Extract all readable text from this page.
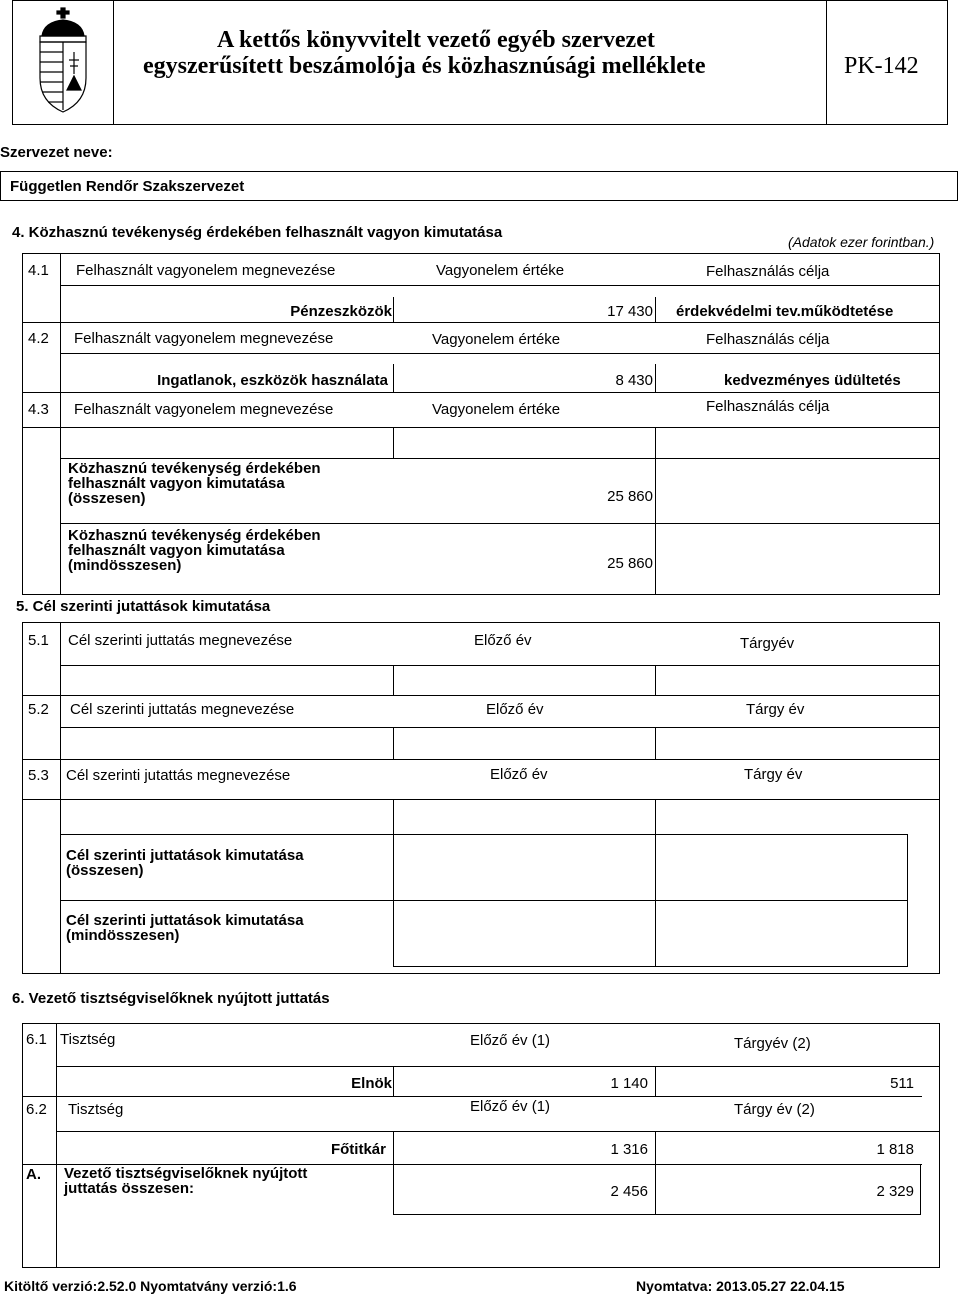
A kettős könyvvitelt vezető egyéb szervezet
egyszerűsített beszámolója és közhasznúsági melléklete	PK-142
Szervezet neve:
Független Rendőr Szakszervezet
4. Közhasznú tevékenység érdekében felhasznált vagyon kimutatása
(Adatok ezer forintban.)
4.1 Felhasznált vagyonelem megnevezése	Vagyonelem értéke	Felhasználás célja
Pénzeszközök	17 430 érdekvédelmi tev.működtetése
4.2 Felhasznált vagyonelem megnevezése	Vagyonelem értéke	Felhasználás célja
Ingatlanok, eszközök használata	8 430	kedvezményes üdültetés
4.3 Felhasznált vagyonelem megnevezése	Vagyonelem értéke	Felhasználás célja
Közhasznú tevékenység érdekében
felhasznált vagyon kimutatása
(összesen)	25 860
Közhasznú tevékenység érdekében
felhasznált vagyon kimutatása
(mindösszesen)	25 860
5. Cél szerinti jutattások kimutatása
5.1 Cél szerinti juttatás megnevezése	Előző év	Tárgyév
5.2 Cél szerinti juttatás megnevezése	Előző év	Tárgy év
5.3 Cél szerinti jutattás megnevezése	Előző év	Tárgy év
Cél szerinti juttatások kimutatása
(összesen)
Cél szerinti juttatások kimutatása
(mindösszesen)
6. Vezető tisztségviselőknek nyújtott juttatás
6.1 Tisztség	Előző év (1)	Tárgyév (2)
Elnök	1 140	511
6.2 Tisztség	Előző év (1)	Tárgy év (2)
Főtitkár	1 316	1 818
A. Vezető tisztségviselőknek nyújtott
juttatás összesen:	2 456	2 329
Kitöltő verzió:2.52.0 Nyomtatvány verzió:1.6	Nyomtatva: 2013.05.27 22.04.15
